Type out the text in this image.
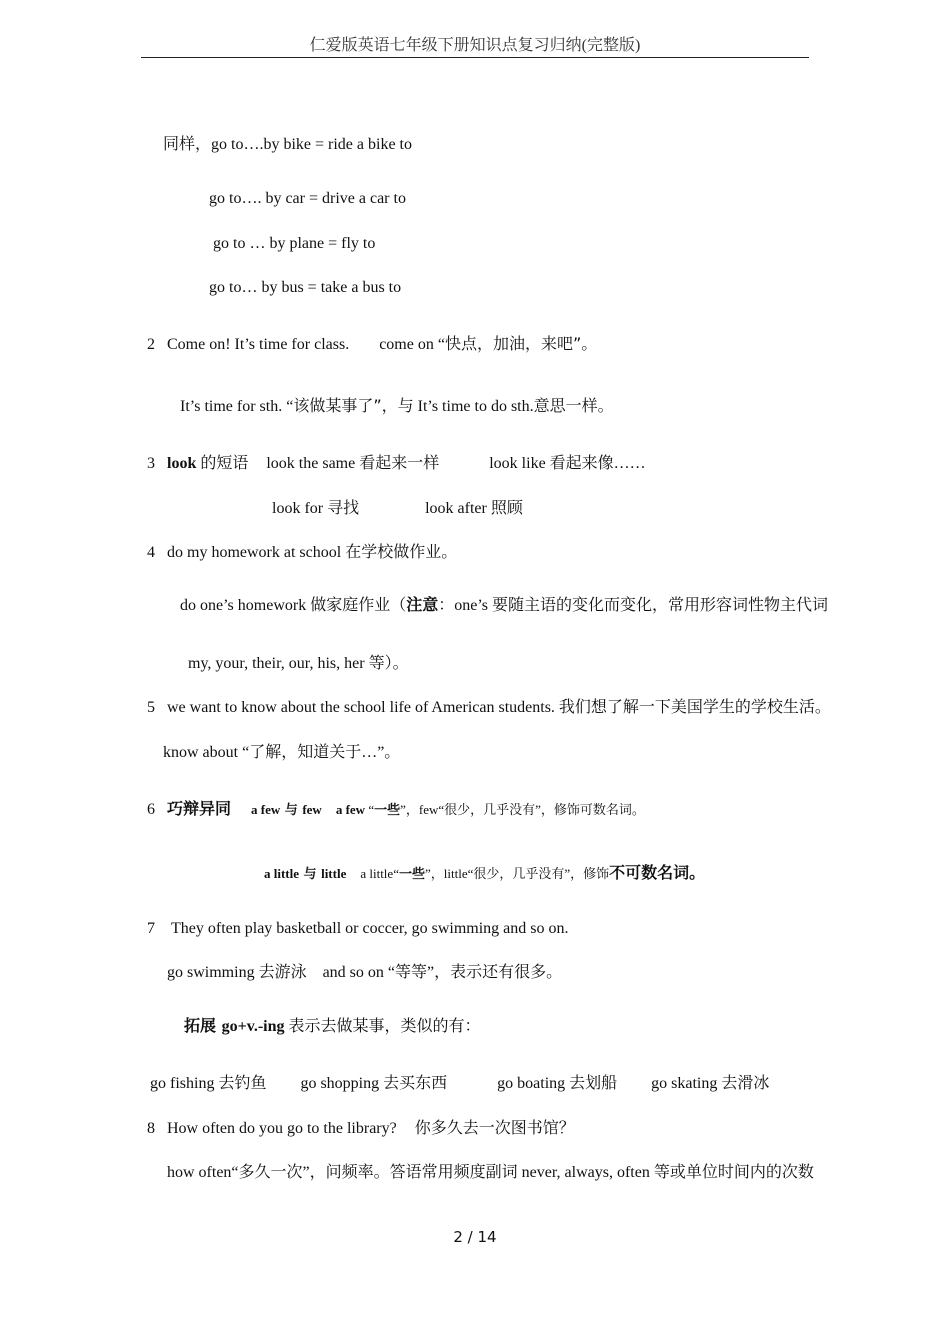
仁爱版英语七年级下册知识点复习归纳(完整版)
同样，go to….by bike = ride a bike to
go to…. by car = drive a car to
go to … by plane = fly to
go to… by bus = take a bus to
2 Come on! It’s time for class. come on “快点，加油，来吧”。
It’s time for sth. “该做某事了”，与 It’s time to do sth.意思一样。
3 look 的短语 look the same 看起来一样	look like 看起来像……
look for 寻找	look after 照顾
4 do my homework at school 在学校做作业。
do one’s homework 做家庭作业（注意：one’s 要随主语的变化而变化，常用形容词性物主代词
my, your, their, our, his, her 等）。
5 we want to know about the school life of American students. 我们想了解一下美国学生的学校生活。
know about “了解，知道关于…”。
6 巧辩异同 a few 与 few a few “一些”，few“很少，几乎没有”，修饰可数名词。
a little 与 little a little“一些”，little“很少，几乎没有”，修饰不可数名词。
7 They often play basketball or coccer, go swimming and so on.
go swimming 去游泳 and so on “等等”，表示还有很多。
拓展 go+v.-ing 表示去做某事，类似的有：
go fishing 去钓鱼 go shopping 去买东西	go boating 去划船 go skating 去滑冰
8 How often do you go to the library? 你多久去一次图书馆？
how often“多久一次”，问频率。答语常用频度副词 never, always, often 等或单位时间内的次数
2 / 14
